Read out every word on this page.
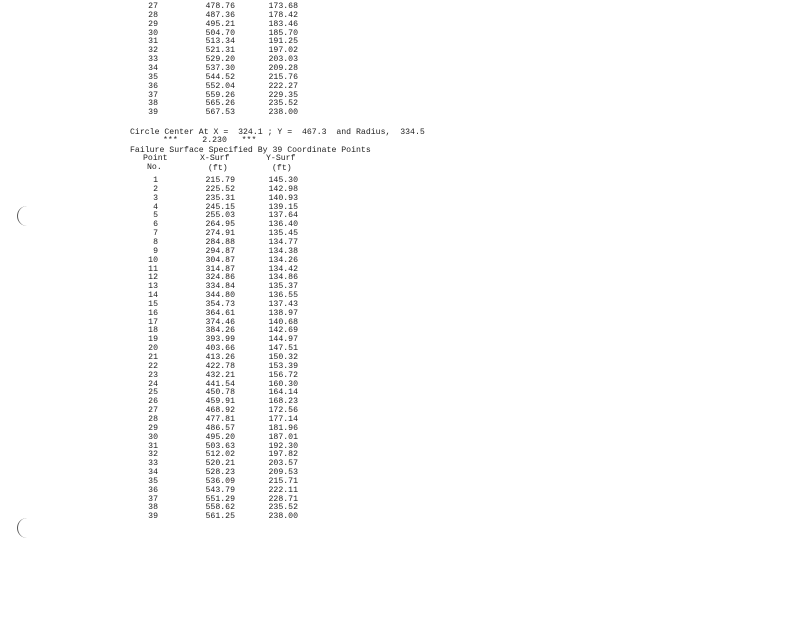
27	478.76	173.68
28	487.36	178.42
29	495.21	183.46
30	504.70	185.70
31	513.34	191.25
32	521.31	197.02
33	529.20	203.03
34	537.30	209.28
35	544.52	215.76
36	552.04	222.27
37	559.26	229.35
38	565.26	235.52
39	567.53	238.00
Circle Center At X =  324.1 ; Y =  467.3  and Radius,  334.5
***     2.230   ***
Failure Surface Specified By 39 Coordinate Points
Point	X-Surf	Y-Surf
No.	(ft)	(ft)
1	215.79	145.30
2	225.52	142.98
3	235.31	140.93
4	245.15	139.15
5	255.03	137.64
6	264.95	136.40
7	274.91	135.45
8	284.88	134.77
9	294.87	134.38
10	304.87	134.26
11	314.87	134.42
12	324.86	134.86
13	334.84	135.37
14	344.80	136.55
15	354.73	137.43
16	364.61	138.97
17	374.46	140.68
18	384.26	142.69
19	393.99	144.97
20	403.66	147.51
21	413.26	150.32
22	422.78	153.39
23	432.21	156.72
24	441.54	160.30
25	450.78	164.14
26	459.91	168.23
27	468.92	172.56
28	477.81	177.14
29	486.57	181.96
30	495.20	187.01
31	503.63	192.30
32	512.02	197.82
33	520.21	203.57
34	528.23	209.53
35	536.09	215.71
36	543.79	222.11
37	551.29	228.71
38	558.62	235.52
39	561.25	238.00
